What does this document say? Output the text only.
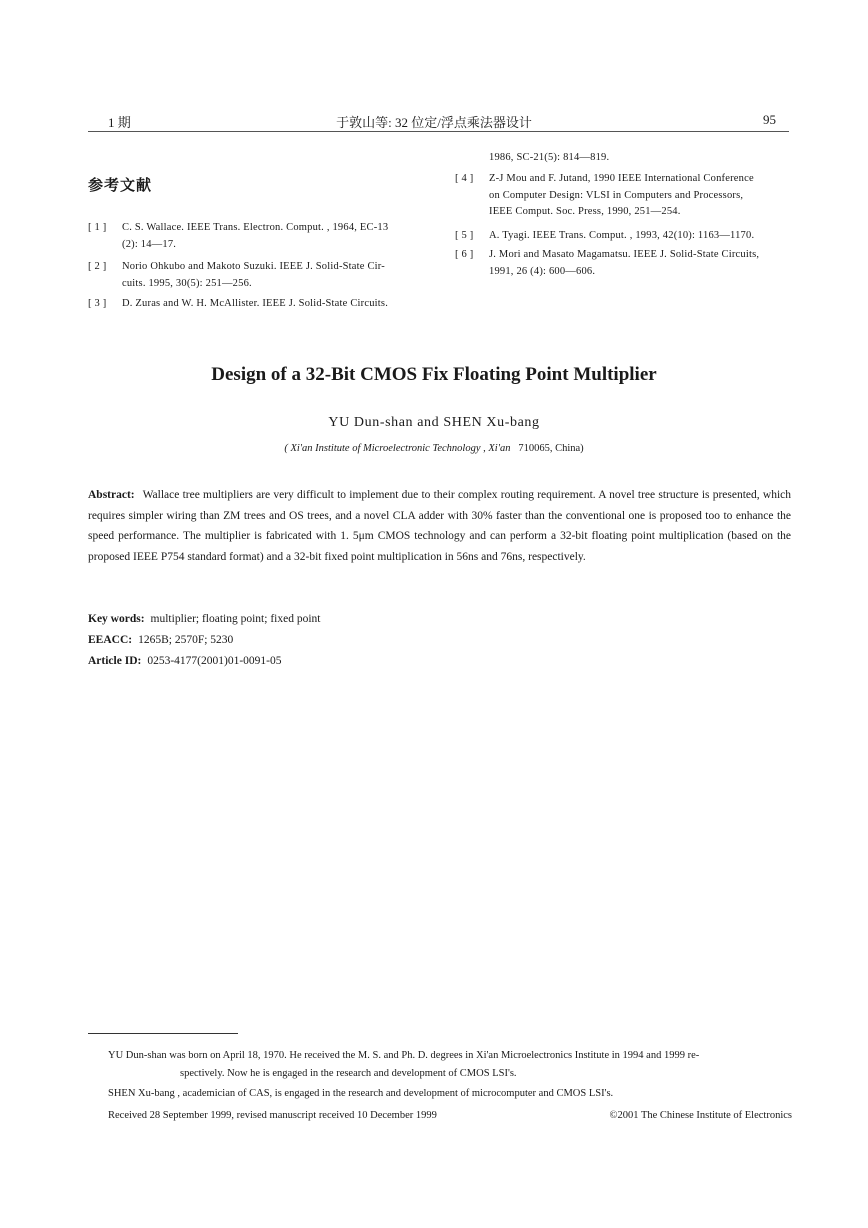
1 期	于敦山等: 32 位定/浮点乘法器设计	95
参考文献
[ 1 ]	C. S. Wallace. IEEE Trans. Electron. Comput. , 1964, EC-13
(2): 14—17.
[ 2 ]	Norio Ohkubo and Makoto Suzuki. IEEE J. Solid-State Cir-
cuits. 1995, 30(5): 251—256.
[ 3 ]	D. Zuras and W. H. McAllister. IEEE J. Solid-State Circuits.
1986, SC-21(5): 814—819.
[ 4 ]	Z-J Mou and F. Jutand, 1990 IEEE International Conference
on Computer Design: VLSI in Computers and Processors,
IEEE Comput. Soc. Press, 1990, 251—254.
[ 5 ]	A. Tyagi. IEEE Trans. Comput. , 1993, 42(10): 1163—1170.
[ 6 ]	J. Mori and Masato Magamatsu. IEEE J. Solid-State Circuits,
1991, 26 (4): 600—606.
Design of a 32-Bit CMOS Fix Floating Point Multiplier
YU Dun-shan and SHEN Xu-bang
( Xi'an Institute of Microelectronic Technology , Xi'an 710065, China)
Abstract: Wallace tree multipliers are very difficult to implement due to their complex routing requirement. A novel tree structure is presented, which requires simpler wiring than ZM trees and OS trees, and a novel CLA adder with 30% faster than the conventional one is proposed too to enhance the speed performance. The multiplier is fabricated with 1. 5μm CMOS technology and can perform a 32-bit floating point multiplication (based on the proposed IEEE P754 standard format) and a 32-bit fixed point multiplication in 56ns and 76ns, respectively.
Key words: multiplier; floating point; fixed point
EEACC: 1265B; 2570F; 5230
Article ID: 0253-4177(2001)01-0091-05
YU Dun-shan was born on April 18, 1970. He received the M. S. and Ph. D. degrees in Xi'an Microelectronics Institute in 1994 and 1999 re-
spectively. Now he is engaged in the research and development of CMOS LSI's.
SHEN Xu-bang , academician of CAS, is engaged in the research and development of microcomputer and CMOS LSI's.
Received 28 September 1999, revised manuscript received 10 December 1999	©2001 The Chinese Institute of Electronics
